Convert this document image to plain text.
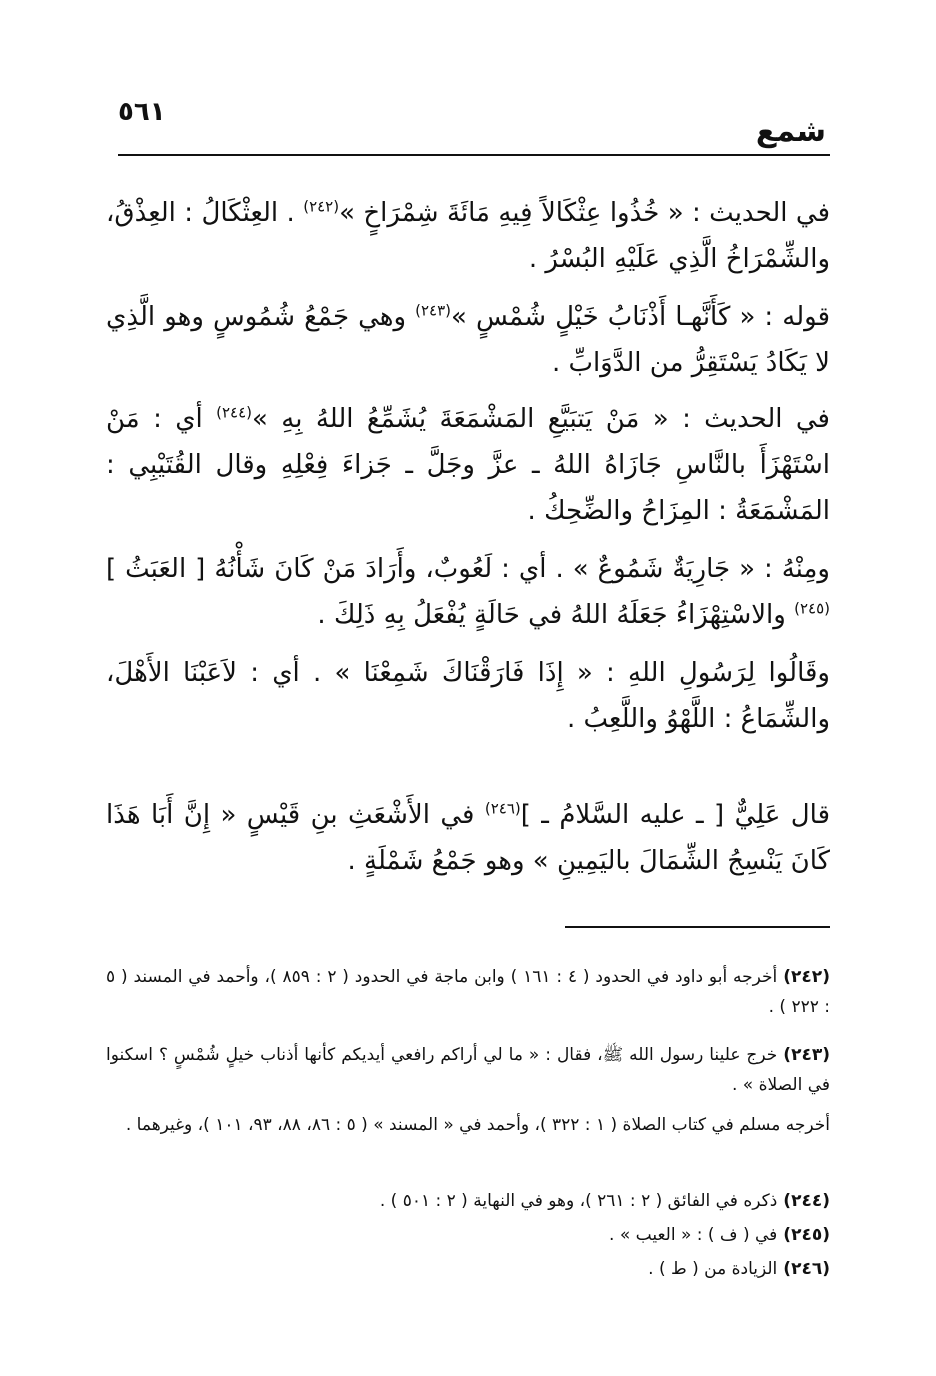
شمع
٥٦١

في الحديث : « خُذُوا عِثْكَالاً فِيهِ مَائَةَ شِمْرَاخٍ »$^{(٢٤٢)}$ . العِثْكَالُ : العِذْقُ، والشِّمْرَاخُ الَّذِي عَلَيْهِ البُسْرُ .

قوله : « كَأَنَّهـا أَذْنَابُ خَيْلٍ شُمْسٍ »$^{(٢٤٣)}$ وهي جَمْعُ شُمُوسٍ وهو الَّذِي لا يَكَادُ يَسْتَقِرُّ من الدَّوَابِّ .

في الحديث : « مَنْ يَتبَيَّعِ المَشْمَعَةَ يُشَمِّعُ اللهُ بِهِ »$^{(٢٤٤)}$ أي : مَنْ اسْتَهْزَأَ بالنَّاسِ جَازَاهُ اللهُ ـ عزَّ وجَلَّ ـ جَزاءَ فِعْلِهِ وقال القُتَيْبِي : المَشْمَعَةُ : المِزَاحُ والضِّحِكُ .

ومِنْهُ : « جَارِيَةٌ شَمُوعٌ » . أي : لَعُوبٌ، وأَرَادَ مَنْ كَانَ شَأْنُهُ [ العَبَثُ ]$^{(٢٤٥)}$ والاسْتِهْزَاءُ جَعَلَهُ اللهُ في حَالَةٍ يُفْعَلُ بِهِ ذَلِكَ .

وقَالُوا لِرَسُولِ اللهِ : « إِذَا فَارَقْنَاكَ شَمِعْنَا » . أي : لاَعَبْنَا الأَهْلَ، والشِّمَاعُ : اللَّهْوُ واللَّعِبُ .

قال عَلِيٌّ [ ـ عليه السَّلامُ ـ ]$^{(٢٤٦)}$ في الأَشْعَثِ بنِ قَيْسٍ « إِنَّ أَبَا هَذَا كَانَ يَنْسِجُ الشِّمَالَ باليَمِينِ » وهو جَمْعُ شَمْلَةٍ .

(٢٤٢)أخرجه أبو داود في الحدود ( ٤ : ١٦١ ) وابن ماجة في الحدود ( ٢ : ٨٥٩ )، وأحمد في المسند ( ٥ : ٢٢٢ ) .

(٢٤٣)خرج علينا رسول الله ﷺ، فقال : « ما لي أراكم رافعي أيديكم كأنها أذناب خيلٍ شُمْسٍ ؟ اسكنوا في الصلاة » .

أخرجه مسلم في كتاب الصلاة ( ١ : ٣٢٢ )، وأحمد في « المسند » ( ٥ : ٨٦، ٨٨، ٩٣، ١٠١ )، وغيرهما .

(٢٤٤)ذكره في الفائق ( ٢ : ٢٦١ )، وهو في النهاية ( ٢ : ٥٠١ ) .

(٢٤٥)في ( ف ) : « العيب » .

(٢٤٦)الزيادة من ( ط ) .
